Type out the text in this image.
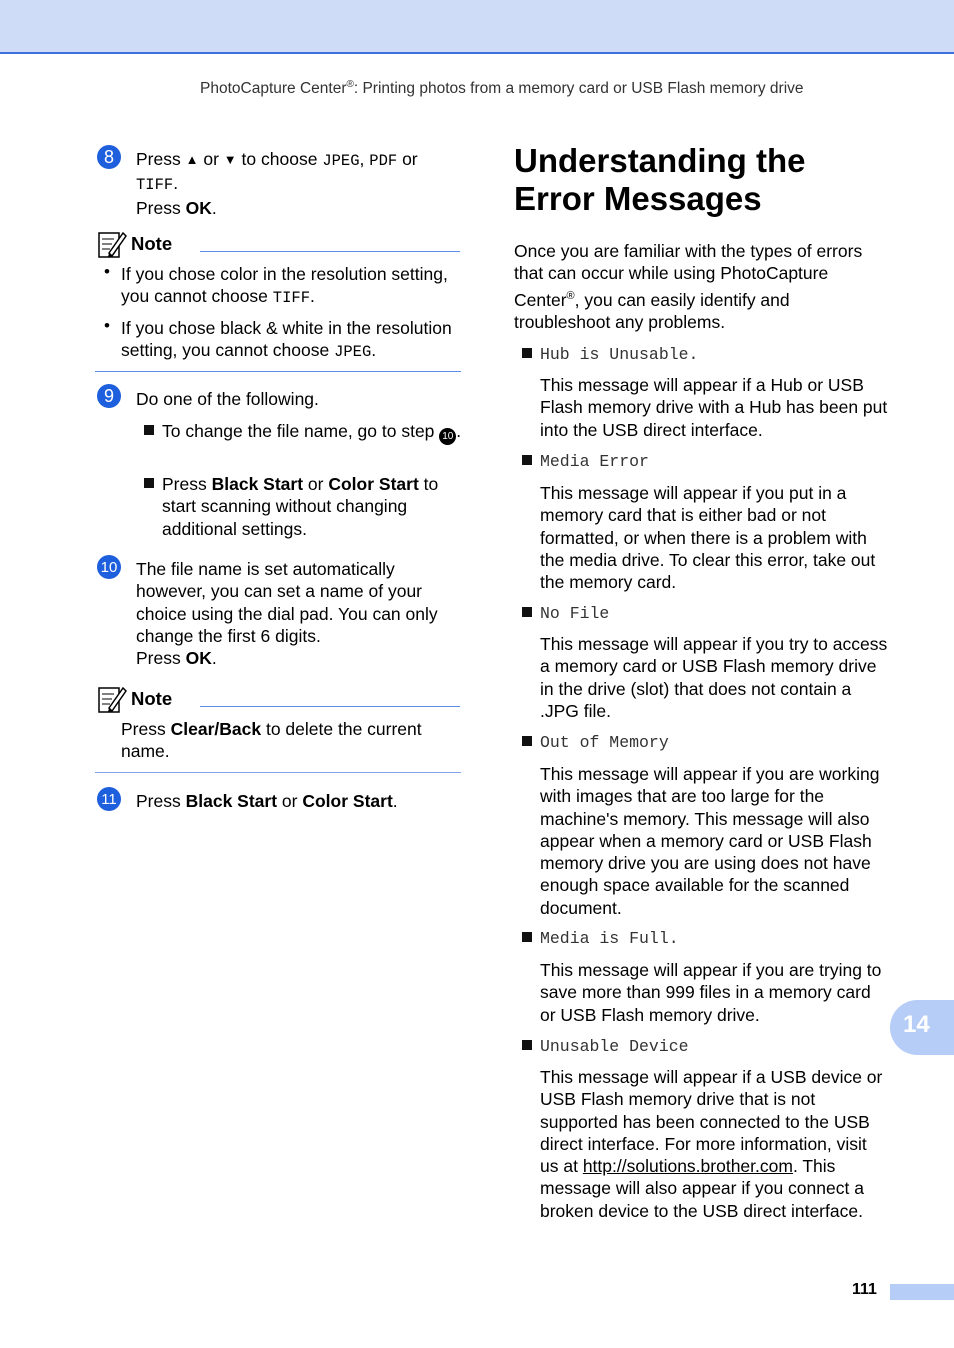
PhotoCapture Center®: Printing photos from a memory card or USB Flash memory drive
8	Press ▲ or ▼ to choose JPEG, PDF or
TIFF.
Press OK.
Note
• If you chose color in the resolution setting, you cannot choose TIFF.
• If you chose black & white in the resolution setting, you cannot choose JPEG.
9	Do one of the following.
To change the file name, go to step 10 .
Press Black Start or Color Start to start scanning without changing additional settings.
10 The file name is set automatically however, you can set a name of your choice using the dial pad. You can only change the first 6 digits.
Press OK.
Note
Press Clear/Back to delete the current name.
11 Press Black Start or Color Start.
Understanding the
Error Messages
Once you are familiar with the types of errors that can occur while using PhotoCapture Center®, you can easily identify and troubleshoot any problems.
Hub is Unusable.
This message will appear if a Hub or USB Flash memory drive with a Hub has been put into the USB direct interface.
Media Error
This message will appear if you put in a memory card that is either bad or not formatted, or when there is a problem with the media drive. To clear this error, take out the memory card.
No File
This message will appear if you try to access a memory card or USB Flash memory drive in the drive (slot) that does not contain a .JPG file.
Out of Memory
This message will appear if you are working with images that are too large for the machine's memory. This message will also appear when a memory card or USB Flash memory drive you are using does not have enough space available for the scanned document.
Media is Full.
This message will appear if you are trying to save more than 999 files in a memory card or USB Flash memory drive.
Unusable Device
This message will appear if a USB device or USB Flash memory drive that is not supported has been connected to the USB direct interface. For more information, visit us at http://solutions.brother.com. This message will also appear if you connect a broken device to the USB direct interface.
14
111
